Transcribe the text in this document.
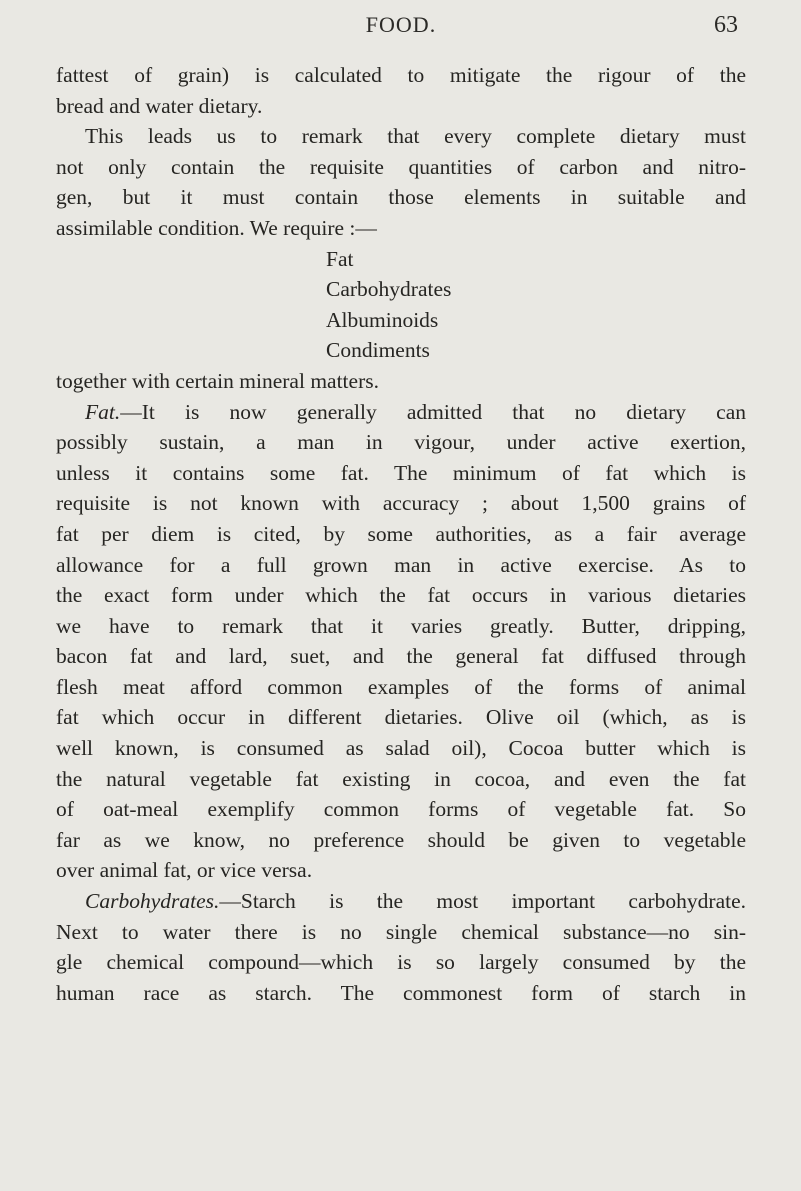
FOOD.	63
fattest of grain) is calculated to mitigate the rigour of the
bread and water dietary.
This leads us to remark that every complete dietary must
not only contain the requisite quantities of carbon and nitro-
gen, but it must contain those elements in suitable and
assimilable condition. We require :—
Fat
Carbohydrates
Albuminoids
Condiments
together with certain mineral matters.
Fat.—It is now generally admitted that no dietary can
possibly sustain, a man in vigour, under active exertion,
unless it contains some fat. The minimum of fat which is
requisite is not known with accuracy ; about 1,500 grains of
fat per diem is cited, by some authorities, as a fair average
allowance for a full grown man in active exercise. As to
the exact form under which the fat occurs in various dietaries
we have to remark that it varies greatly. Butter, dripping,
bacon fat and lard, suet, and the general fat diffused through
flesh meat afford common examples of the forms of animal
fat which occur in different dietaries. Olive oil (which, as is
well known, is consumed as salad oil), Cocoa butter which is
the natural vegetable fat existing in cocoa, and even the fat
of oat-meal exemplify common forms of vegetable fat. So
far as we know, no preference should be given to vegetable
over animal fat, or vice versa.
Carbohydrates.—Starch is the most important carbohydrate.
Next to water there is no single chemical substance—no sin-
gle chemical compound—which is so largely consumed by the
human race as starch. The commonest form of starch in
